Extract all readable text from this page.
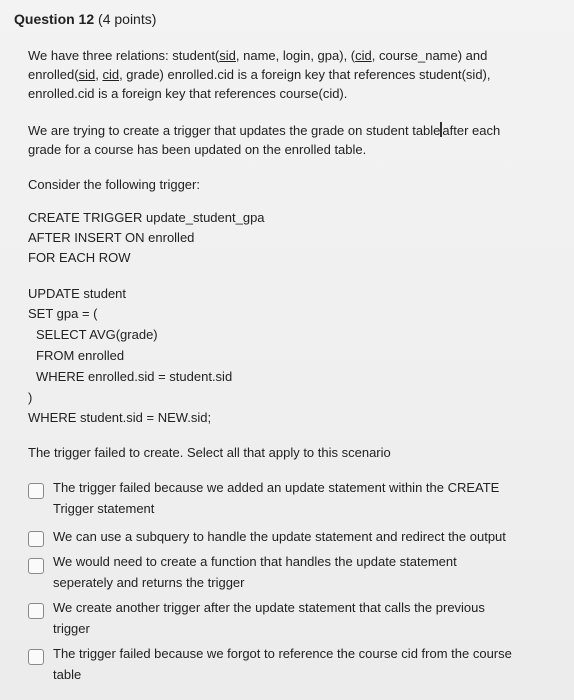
Question 12 (4 points)
We have three relations: student(sid, name, login, gpa), (cid, course_name) and
enrolled(sid, cid, grade) enrolled.cid is a foreign key that references student(sid),
enrolled.cid is a foreign key that references course(cid).
We are trying to create a trigger that updates the grade on student table after each
grade for a course has been updated on the enrolled table.
Consider the following trigger:
CREATE TRIGGER update_student_gpa
AFTER INSERT ON enrolled
FOR EACH ROW
UPDATE student
SET gpa = (
SELECT AVG(grade)
FROM enrolled
WHERE enrolled.sid = student.sid
)
WHERE student.sid = NEW.sid;
The trigger failed to create. Select all that apply to this scenario
The trigger failed because we added an update statement within the CREATE
Trigger statement
We can use a subquery to handle the update statement and redirect the output
We would need to create a function that handles the update statement
seperately and returns the trigger
We create another trigger after the update statement that calls the previous
trigger
The trigger failed because we forgot to reference the course cid from the course
table
